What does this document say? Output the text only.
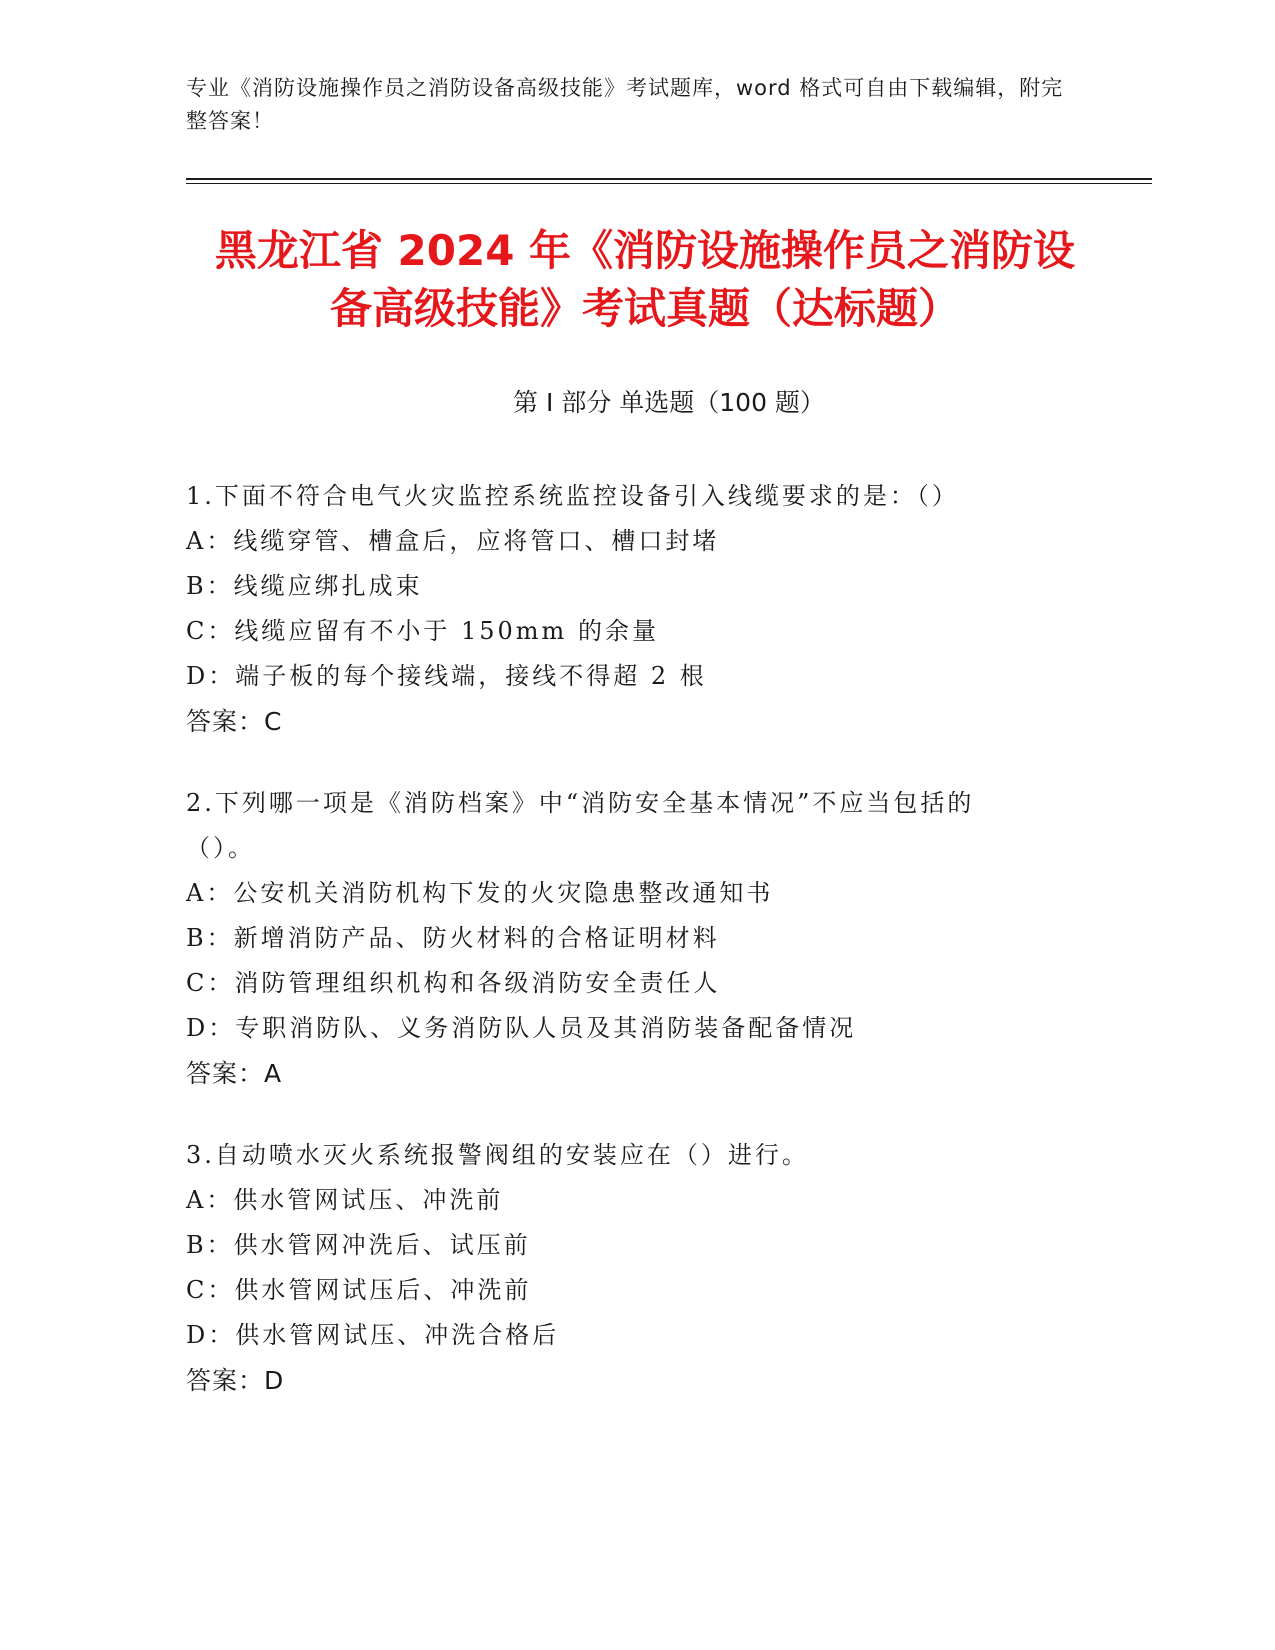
专业《消防设施操作员之消防设备高级技能》考试题库，word 格式可自由下载编辑，附完整答案！
黑龙江省 2024 年《消防设施操作员之消防设
备高级技能》考试真题（达标题）
第 I 部分 单选题（100 题）
1.下面不符合电气火灾监控系统监控设备引入线缆要求的是：（）
A：线缆穿管、槽盒后，应将管口、槽口封堵
B：线缆应绑扎成束
C：线缆应留有不小于 150mm 的余量
D：端子板的每个接线端，接线不得超 2 根
答案：C
2.下列哪一项是《消防档案》中“消防安全基本情况”不应当包括的
（）。
A：公安机关消防机构下发的火灾隐患整改通知书
B：新增消防产品、防火材料的合格证明材料
C：消防管理组织机构和各级消防安全责任人
D：专职消防队、义务消防队人员及其消防装备配备情况
答案：A
3.自动喷水灭火系统报警阀组的安装应在（）进行。
A：供水管网试压、冲洗前
B：供水管网冲洗后、试压前
C：供水管网试压后、冲洗前
D：供水管网试压、冲洗合格后
答案：D
